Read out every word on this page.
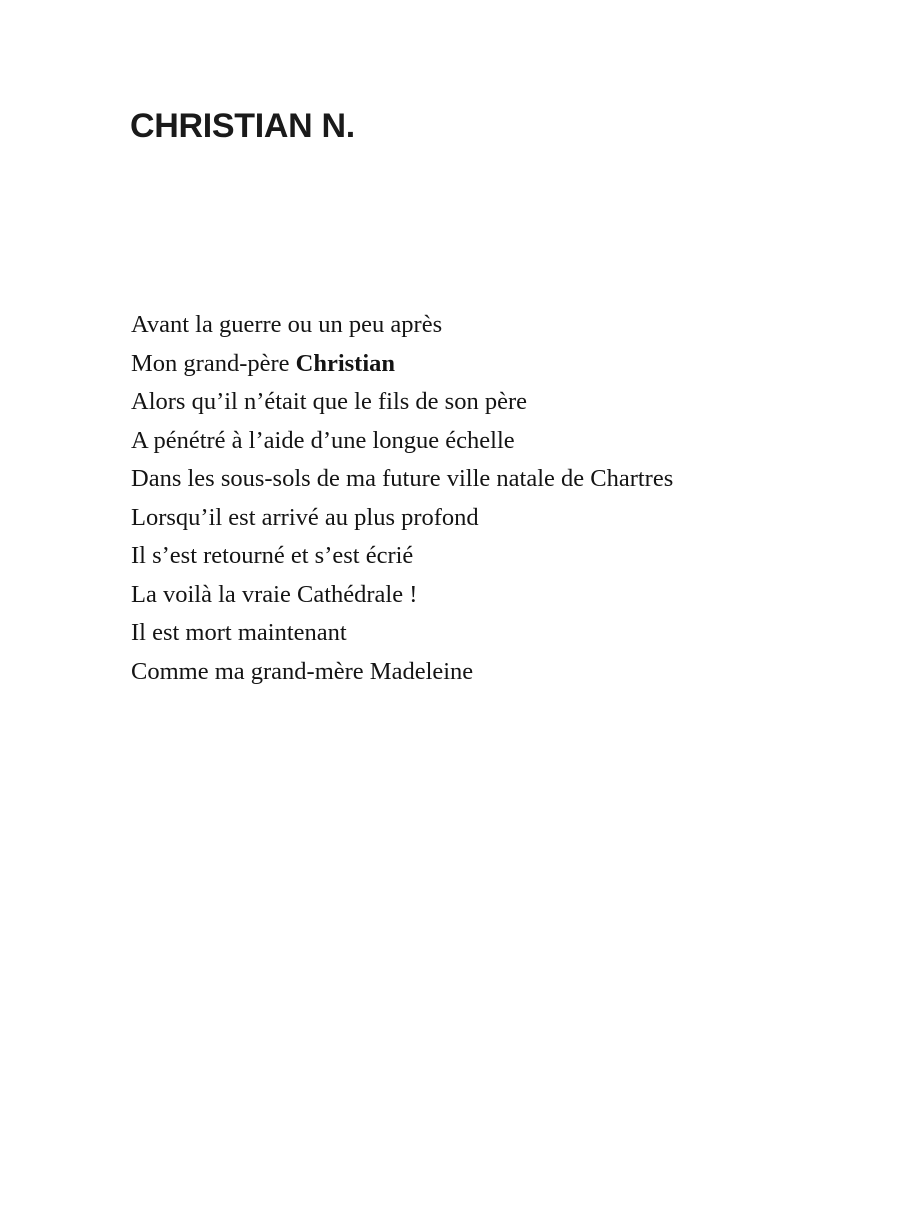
CHRISTIAN N.
Avant la guerre ou un peu après
Mon grand-père Christian
Alors qu’il n’était que le fils de son père
A pénétré à l’aide d’une longue échelle
Dans les sous-sols de ma future ville natale de Chartres
Lorsqu’il est arrivé au plus profond
Il s’est retourné et s’est écrié
La voilà la vraie Cathédrale !
Il est mort maintenant
Comme ma grand-mère Madeleine
